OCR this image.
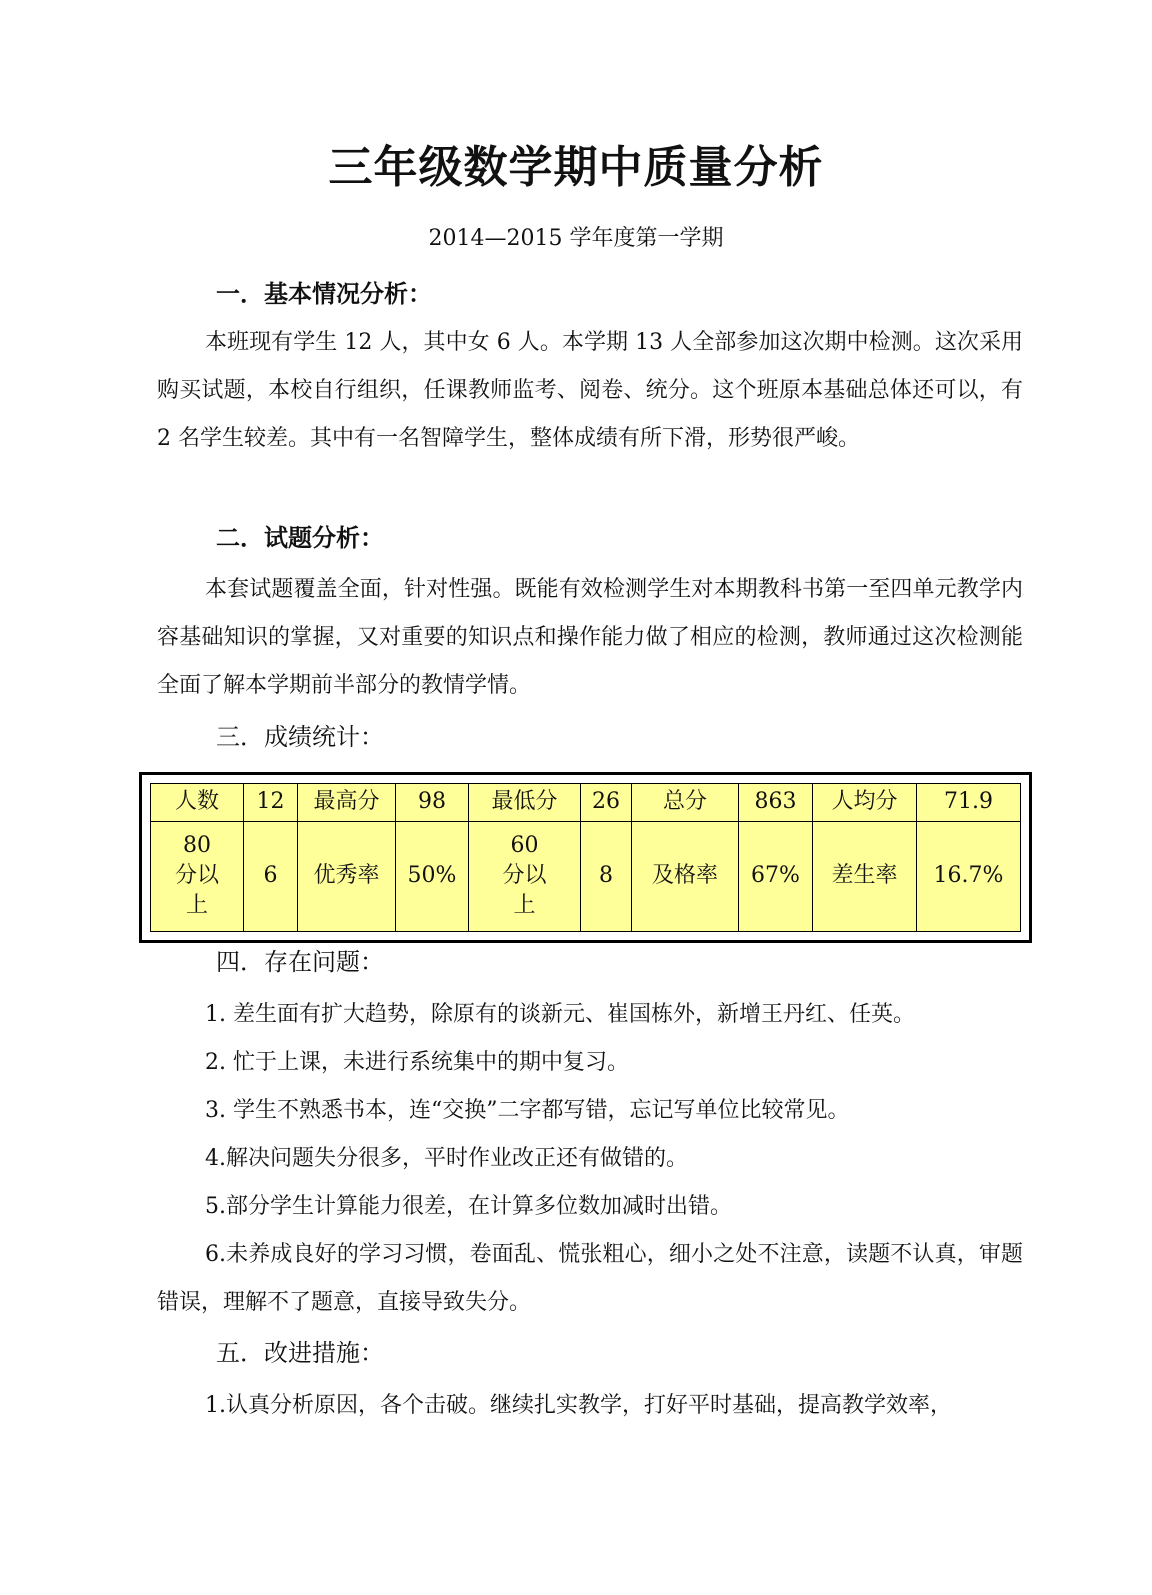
三年级数学期中质量分析
2014—2015 学年度第一学期
一．基本情况分析：
本班现有学生 12 人，其中女 6 人。本学期 13 人全部参加这次期中检测。这次采用购买试题，本校自行组织，任课教师监考、阅卷、统分。这个班原本基础总体还可以，有 2 名学生较差。其中有一名智障学生，整体成绩有所下滑，形势很严峻。
二．试题分析：
本套试题覆盖全面，针对性强。既能有效检测学生对本期教科书第一至四单元教学内容基础知识的掌握，又对重要的知识点和操作能力做了相应的检测，教师通过这次检测能全面了解本学期前半部分的教情学情。
三．成绩统计：
人数	12	最高分	98	最低分	26	总分	863	人均分	71.9
80 分以上	6	优秀率	50%	60 分以上	8	及格率	67%	差生率	16.7%
四．存在问题：
1. 差生面有扩大趋势，除原有的谈新元、崔国栋外，新增王丹红、任英。
2. 忙于上课，未进行系统集中的期中复习。
3. 学生不熟悉书本，连“交换”二字都写错，忘记写单位比较常见。
4.解决问题失分很多，平时作业改正还有做错的。
5.部分学生计算能力很差，在计算多位数加减时出错。
6.未养成良好的学习习惯，卷面乱、慌张粗心，细小之处不注意，读题不认真，审题错误，理解不了题意，直接导致失分。
五．改进措施：
1.认真分析原因，各个击破。继续扎实教学，打好平时基础，提高教学效率，
